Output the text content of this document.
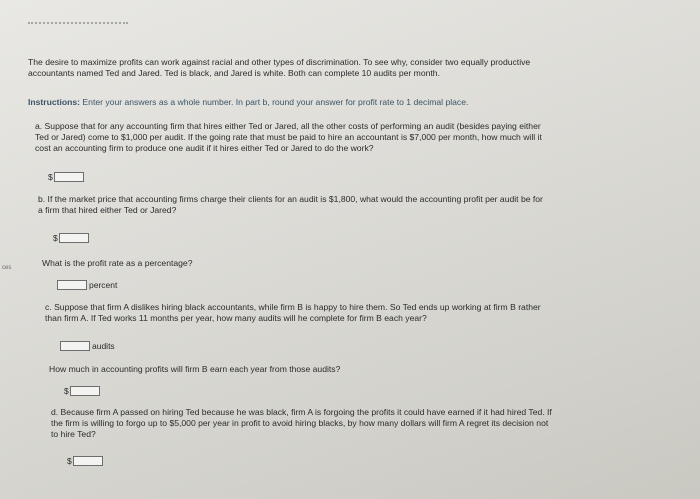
ces
The desire to maximize profits can work against racial and other types of discrimination. To see why, consider two equally productive
accountants named Ted and Jared. Ted is black, and Jared is white. Both can complete 10 audits per month.
Instructions: Enter your answers as a whole number. In part b, round your answer for profit rate to 1 decimal place.
a. Suppose that for any accounting firm that hires either Ted or Jared, all the other costs of performing an audit (besides paying either
Ted or Jared) come to $1,000 per audit. If the going rate that must be paid to hire an accountant is $7,000 per month, how much will it
cost an accounting firm to produce one audit if it hires either Ted or Jared to do the work?
$
b. If the market price that accounting firms charge their clients for an audit is $1,800, what would the accounting profit per audit be for
a firm that hired either Ted or Jared?
$
What is the profit rate as a percentage?
percent
c. Suppose that firm A dislikes hiring black accountants, while firm B is happy to hire them. So Ted ends up working at firm B rather
than firm A. If Ted works 11 months per year, how many audits will he complete for firm B each year?
audits
How much in accounting profits will firm B earn each year from those audits?
$
d. Because firm A passed on hiring Ted because he was black, firm A is forgoing the profits it could have earned if it had hired Ted. If
the firm is willing to forgo up to $5,000 per year in profit to avoid hiring blacks, by how many dollars will firm A regret its decision not
to hire Ted?
$
